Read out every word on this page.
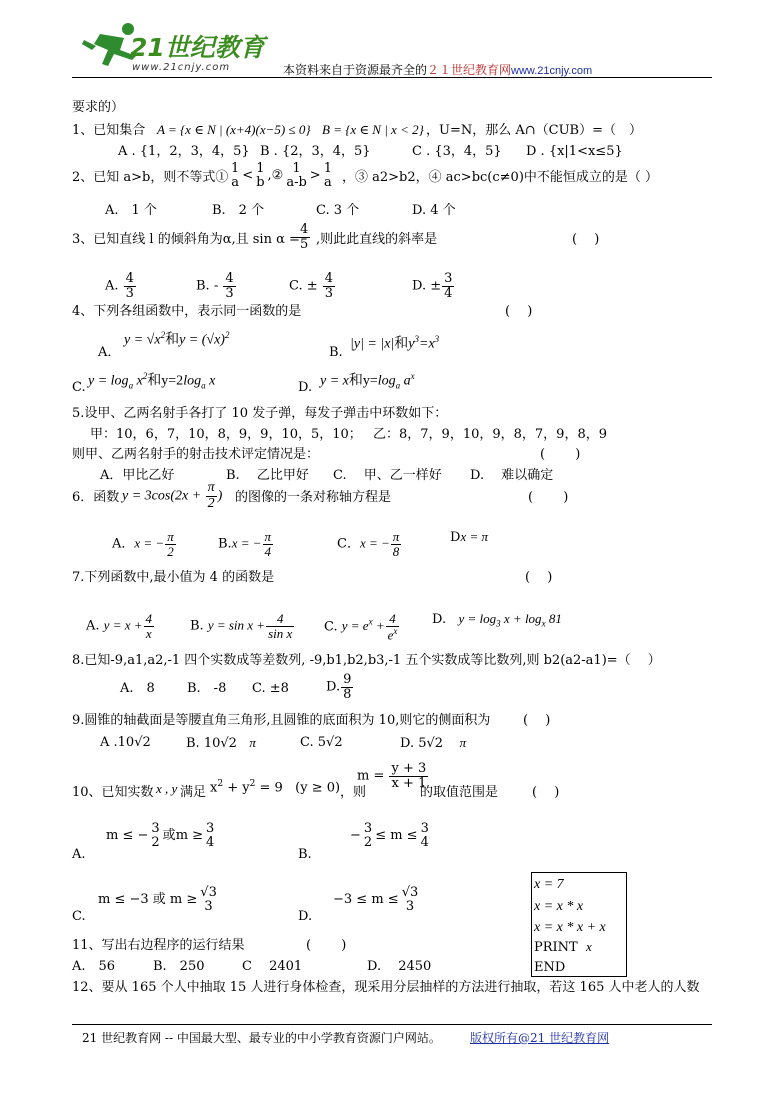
21世纪教育
www.21cnjy.com	本资料来自于资源最齐全的２１世纪教育网www.21cnjy.com
要求的）
1、已知集合 A = {x ∈ N | (x+4)(x−5) ≤ 0} B = {x ∈ N | x < 2} ，U=N，那么 A∩（CUB）=（　）
A . {1，2，3，4，5} B . {2，3，4，5}	C . {3，4，5} D . {x|1<x≤5}
2、已知 a>b，则不等式①
1
a < 1
b ,② 1
a-b > 1
a ，③ a2>b2，④ ac>bc(c≠0)中不能恒成立的是（ ）
A.　1 个	B.　2 个	C. 3 个	D. 4 个
3、已知直线 l 的倾斜角为α,且 sin α =
$\frac{4}{5}$ ,则此此直线的斜率是	(　 )
A. $\frac{4}{3}$	B. - $\frac{4}{3}$	C. ± $\frac{4}{3}$	D. ± $\frac{3}{4}$
4、下列各组函数中，表示同一函数的是	(　 )
A．
$y = √x^2$和$y = (√x)^2$
B.
|y| = |x|和$y^3=x^3$
C. $y = \log_a x^2$和$y=2\log_a$ x	D. y = x和$y=\log_a$ $a^x$
5.设甲、乙两名射手各打了 10 发子弹，每发子弹击中环数如下：
甲：10，6，7，10，8，9，9，10，5，10； 乙：8，7，9，10，9，8，7，9，8，9
则甲、乙两名射手的射击技术评定情况是：	(　　 )
A．甲比乙好	B.　 乙比甲好 C.　 甲、乙一样好 D.　 难以确定
6．函数 $y = 3\cos(2x + \frac{\pi}{2}$ ) 的图像的一条对称轴方程是	(　　 )
A．x = − $\frac{\pi}{2}$	B.x = − $\frac{\pi}{4}$	C．x = − $\frac{\pi}{8}$	Dx = π
7.下列函数中,最小值为 4 的函数是	(　 )
A. $y = x + \frac{4}{x}$	B. $y = \sin x + \frac{4}{\text{sin x}} C$. $y = e^x + \frac{4}{e^x}$	D. $y = \log_3 x + \log_x 81$
8.已知-9,a1,a2,-1 四个实数成等差数列, -9,b1,b2,b3,-1 五个实数成等比数列,则 b2(a2-a1)=（　 ）
A.　8 B.　-8 C. ±8	D. $\frac{9}{8}$
9.圆锥的轴截面是等腰直角三角形,且圆锥的底面积为 10,则它的侧面积为	(　 )
A .10√2	B. 10√2 π	C. 5√2	D. 5√2 π
10、已知实数 x , y 满足 $x^2 + y^2 = 9$   (y ≥ 0) ，则
$m = \frac{y + 3}{x + 1}$
的取值范围是	(　 )
A.
m ≤ − 3
2 或m ≥ 3
4
B.
− 3
2 ≤ m ≤ 3
4
C.
m ≤ −3 或 m ≥ √3
3
D.
−3 ≤ m ≤ √3
3
x = 7
x = x * x
x = x * x + x
PRINT x
END
11、写出右边程序的运行结果	(　　 )
A.　56	B.　250	C　 2401	D.　 2450
12、要从 165 个人中抽取 15 人进行身体检查，现采用分层抽样的方法进行抽取，若这 165 人中老人的人数
21 世纪教育网 -- 中国最大型、最专业的中小学教育资源门户网站。 版权所有@21 世纪教育网
